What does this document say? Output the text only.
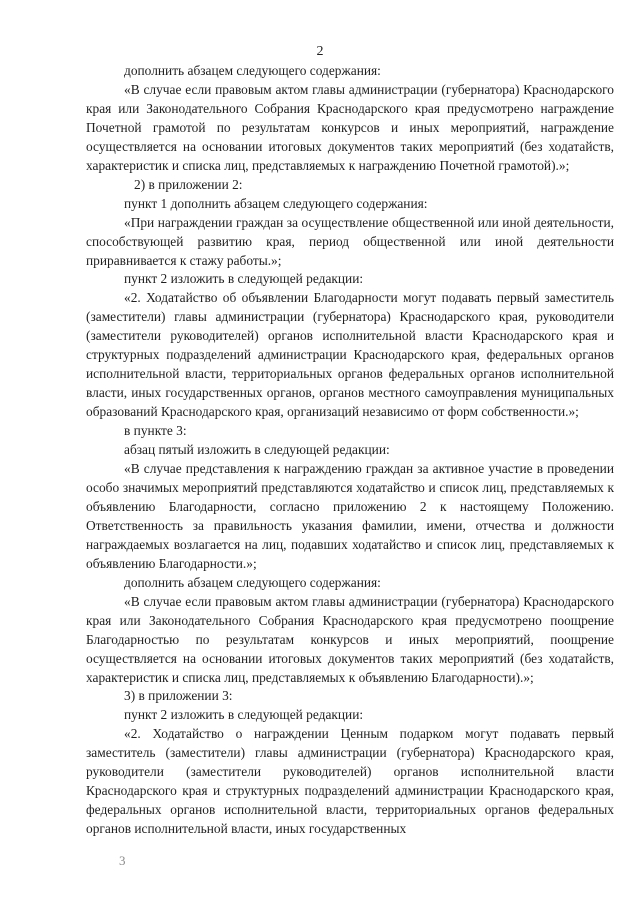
2

дополнить абзацем следующего содержания:

«В случае если правовым актом главы администрации (губернатора) Краснодарского края или Законодательного Собрания Краснодарского края предусмотрено награждение Почетной грамотой по результатам конкурсов и иных мероприятий, награждение осуществляется на основании итоговых документов таких мероприятий (без ходатайств, характеристик и списка лиц, представляемых к награждению Почетной грамотой).»;

2) в приложении 2:

пункт 1 дополнить абзацем следующего содержания:

«При награждении граждан за осуществление общественной или иной деятельности, способствующей развитию края, период общественной или иной деятельности приравнивается к стажу работы.»;

пункт 2 изложить в следующей редакции:

«2. Ходатайство об объявлении Благодарности могут подавать первый заместитель (заместители) главы администрации (губернатора) Краснодарского края, руководители (заместители руководителей) органов исполнительной власти Краснодарского края и структурных подразделений администрации Краснодарского края, федеральных органов исполнительной власти, территориальных органов федеральных органов исполнительной власти, иных государственных органов, органов местного самоуправления муниципальных образований Краснодарского края, организаций независимо от форм собственности.»;

в пункте 3:

абзац пятый изложить в следующей редакции:

«В случае представления к награждению граждан за активное участие в проведении особо значимых мероприятий представляются ходатайство и список лиц, представляемых к объявлению Благодарности, согласно приложению 2 к настоящему Положению. Ответственность за правильность указания фамилии, имени, отчества и должности награждаемых возлагается на лиц, подавших ходатайство и список лиц, представляемых к объявлению Благодарности.»;

дополнить абзацем следующего содержания:

«В случае если правовым актом главы администрации (губернатора) Краснодарского края или Законодательного Собрания Краснодарского края предусмотрено поощрение Благодарностью по результатам конкурсов и иных мероприятий, поощрение осуществляется на основании итоговых документов таких мероприятий (без ходатайств, характеристик и списка лиц, представляемых к объявлению Благодарности).»;

3) в приложении 3:

пункт 2 изложить в следующей редакции:

«2. Ходатайство о награждении Ценным подарком могут подавать первый заместитель (заместители) главы администрации (губернатора) Краснодарского края, руководители (заместители руководителей) органов исполнительной власти Краснодарского края и структурных подразделений администрации Краснодарского края, федеральных органов исполнительной власти, территориальных органов федеральных органов исполнительной власти, иных государственных

3
